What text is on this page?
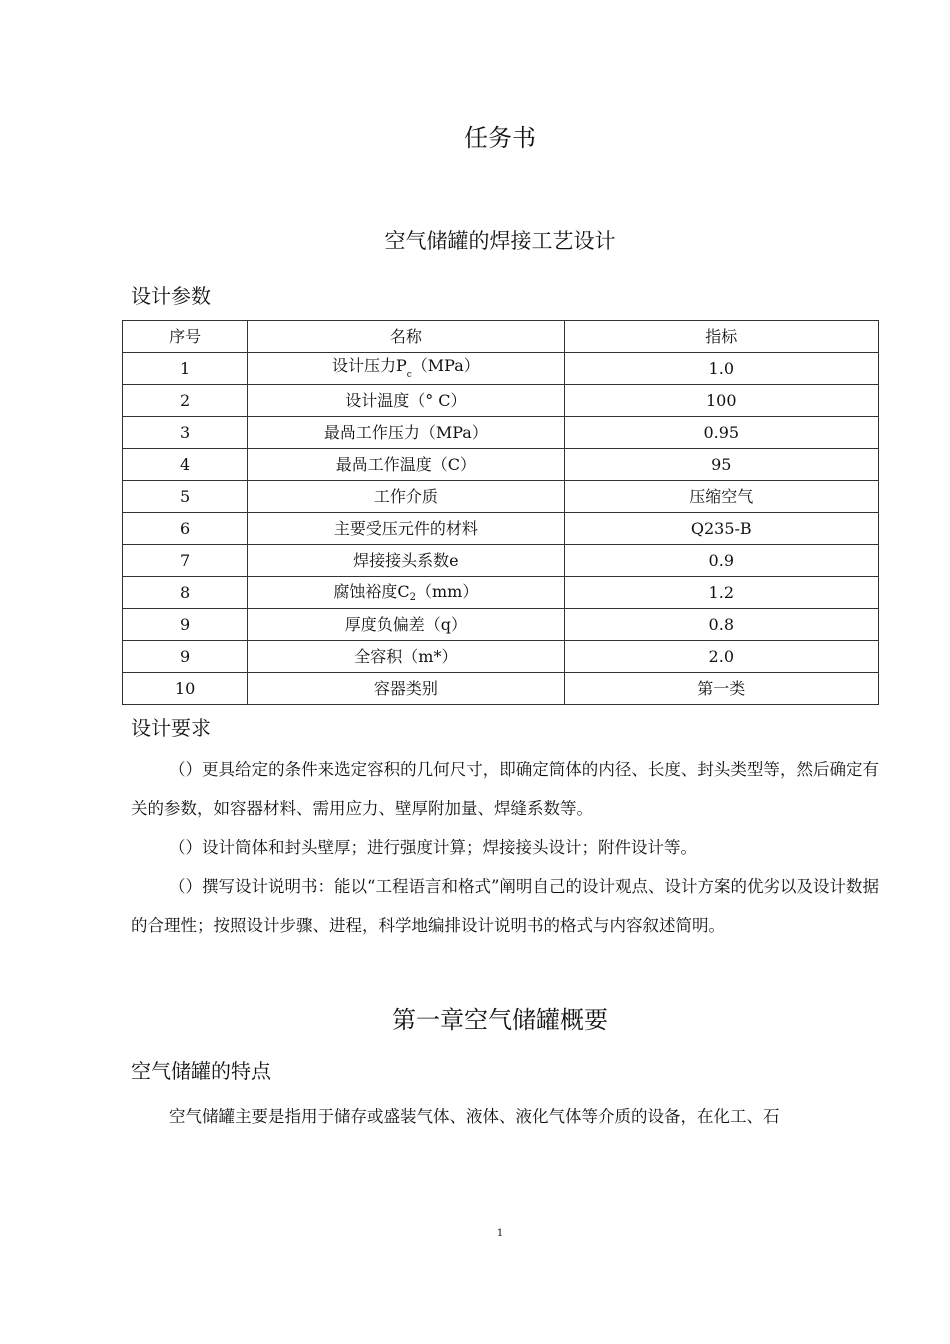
任务书
空气储罐的焊接工艺设计
设计参数
序号	名称	指标
1	设计压力$P_c(MPa)$	1.0
2	设计温度（° C）	100
3	最咼工作压力（MPa）	0.95
4	最咼工作温度（C）	95
5	工作介质	压缩空气
6	主要受压元件的材料	Q235-B
7	焊接接头系数e	0.9
8	腐蚀裕度C2（mm）	1.2
9	厚度负偏差（q）	0.8
9	全容积（m*）	2.0
10	容器类别	第一类
设计要求
（）更具给定的条件来选定容积的几何尺寸，即确定筒体的内径、长度、封头类型等，然后确定有关的参数，如容器材料、需用应力、壁厚附加量、焊缝系数等。
（）设计筒体和封头壁厚；进行强度计算；焊接接头设计；附件设计等。
（）撰写设计说明书：能以“工程语言和格式”阐明自己的设计观点、设计方案的优劣以及设计数据的合理性；按照设计步骤、进程，科学地编排设计说明书的格式与内容叙述简明。
第一章空气储罐概要
空气储罐的特点
空气储罐主要是指用于储存或盛装气体、液体、液化气体等介质的设备，在化工、石
1
